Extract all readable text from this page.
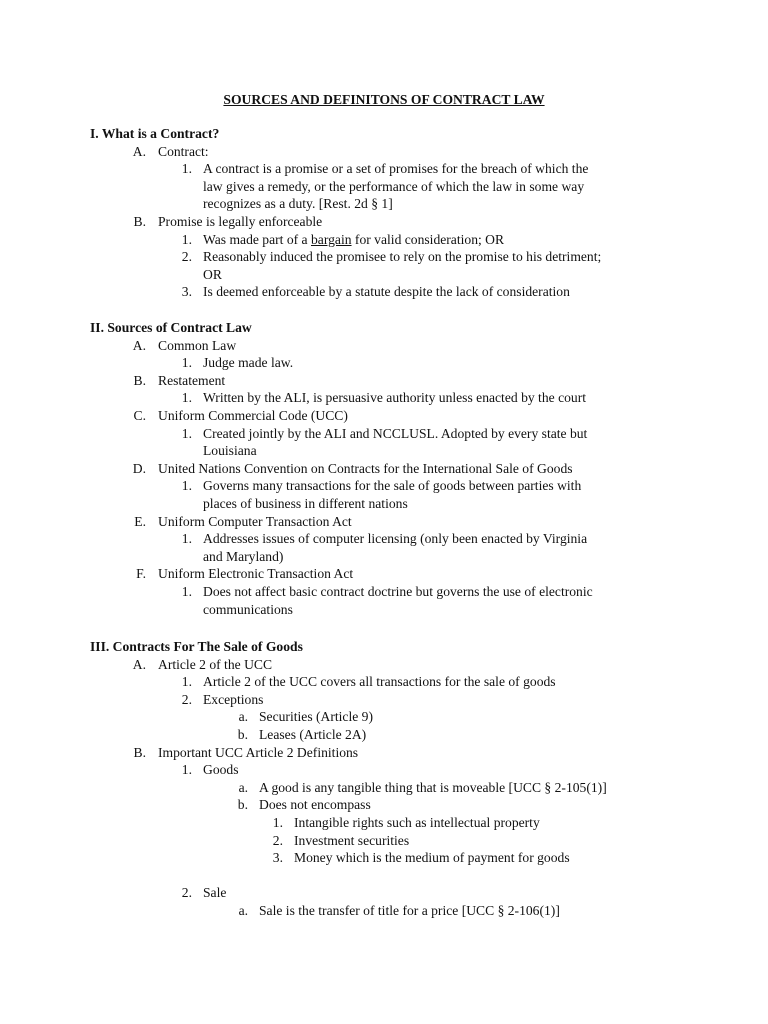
SOURCES AND DEFINITONS OF CONTRACT LAW
I. What is a Contract?
A. Contract:
1. A contract is a promise or a set of promises for the breach of which the
law gives a remedy, or the performance of which the law in some way
recognizes as a duty. [Rest. 2d § 1]
B. Promise is legally enforceable
1. Was made part of a bargain for valid consideration; OR
2. Reasonably induced the promisee to rely on the promise to his detriment;
OR
3. Is deemed enforceable by a statute despite the lack of consideration
II. Sources of Contract Law
A. Common Law
1. Judge made law.
B. Restatement
1. Written by the ALI, is persuasive authority unless enacted by the court
C. Uniform Commercial Code (UCC)
1. Created jointly by the ALI and NCCLUSL. Adopted by every state but
Louisiana
D. United Nations Convention on Contracts for the International Sale of Goods
1. Governs many transactions for the sale of goods between parties with
places of business in different nations
E. Uniform Computer Transaction Act
1. Addresses issues of computer licensing (only been enacted by Virginia
and Maryland)
F. Uniform Electronic Transaction Act
1. Does not affect basic contract doctrine but governs the use of electronic
communications
III. Contracts For The Sale of Goods
A. Article 2 of the UCC
1. Article 2 of the UCC covers all transactions for the sale of goods
2. Exceptions
a. Securities (Article 9)
b. Leases (Article 2A)
B. Important UCC Article 2 Definitions
1. Goods
a. A good is any tangible thing that is moveable [UCC § 2-105(1)]
b. Does not encompass
1. Intangible rights such as intellectual property
2. Investment securities
3. Money which is the medium of payment for goods
2. Sale
a. Sale is the transfer of title for a price [UCC § 2-106(1)]
